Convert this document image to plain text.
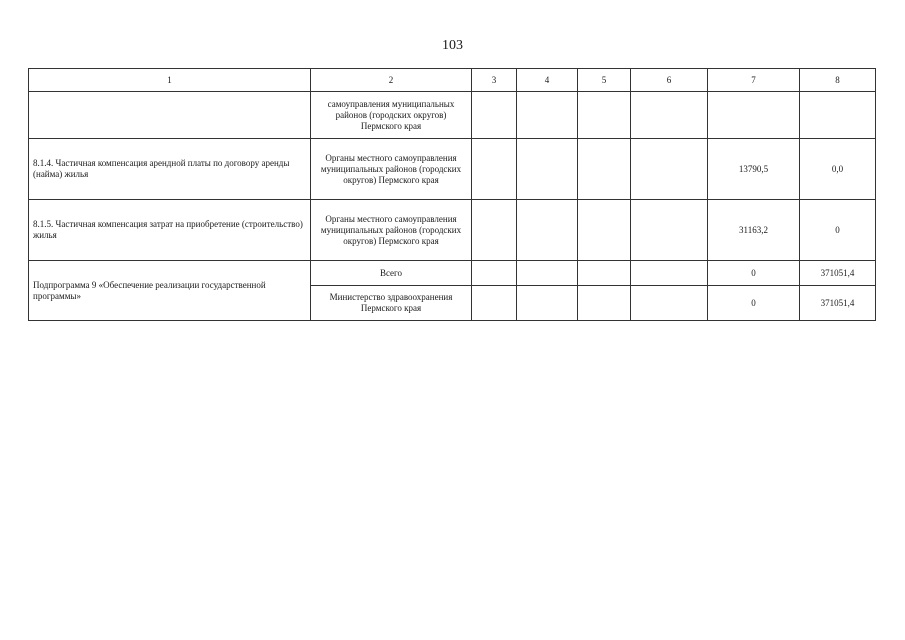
103
1	2	3	4	5	6	7	8
	самоуправления муниципальных районов (городских округов) Пермского края						
8.1.4. Частичная компенсация арендной платы по договору аренды (найма) жилья	Органы местного самоуправления муниципальных районов (городских округов) Пермского края					13790,5	0,0
8.1.5. Частичная компенсация затрат на приобретение (строительство) жилья	Органы местного самоуправления муниципальных районов (городских округов) Пермского края					31163,2	0
Подпрограмма 9 «Обеспечение реализации государственной программы»	Всего					0	371051,4
	Министерство здравоохранения Пермского края					0	371051,4
